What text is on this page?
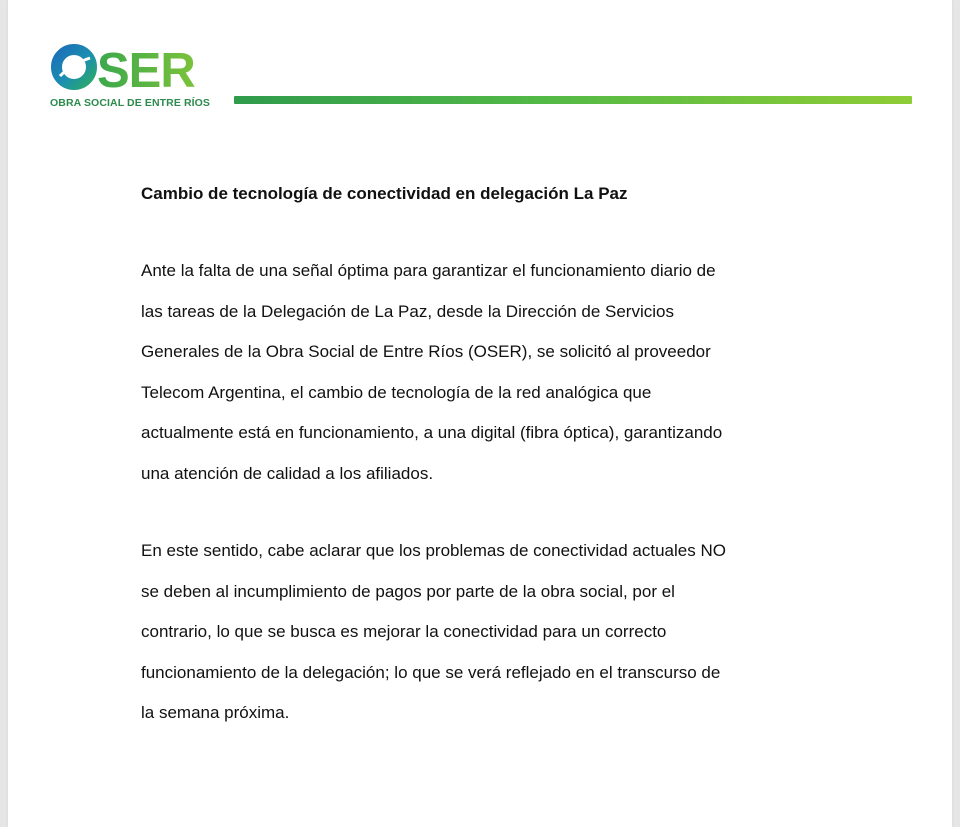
SER
OBRA SOCIAL DE ENTRE RÍOS
Cambio de tecnología de conectividad en delegación La Paz
Ante la falta de una señal óptima para garantizar el funcionamiento diario de
las tareas de la Delegación de La Paz, desde la Dirección de Servicios
Generales de la Obra Social de Entre Ríos (OSER), se solicitó al proveedor
Telecom Argentina, el cambio de tecnología de la red analógica que
actualmente está en funcionamiento, a una digital (fibra óptica), garantizando
una atención de calidad a los afiliados.
En este sentido, cabe aclarar que los problemas de conectividad actuales NO
se deben al incumplimiento de pagos por parte de la obra social, por el
contrario, lo que se busca es mejorar la conectividad para un correcto
funcionamiento de la delegación; lo que se verá reflejado en el transcurso de
la semana próxima.
